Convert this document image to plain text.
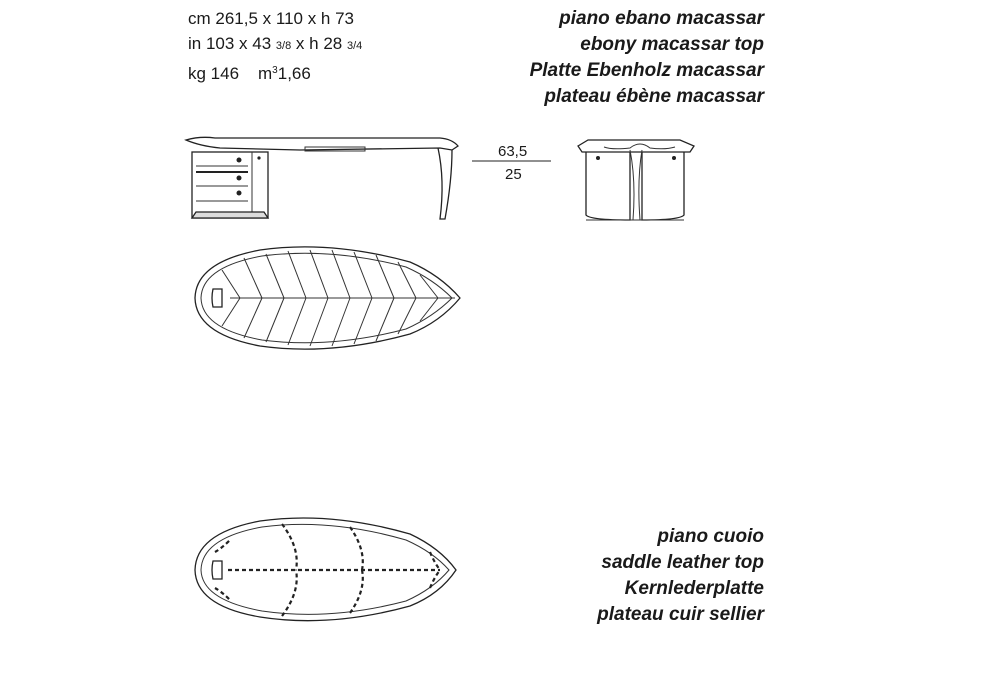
cm 261,5 x 110 x h 73
in 103 x 43 3/8 x h 28 3/4
kg 146 $m^31,66$
piano ebano macassar
ebony macassar top
Platte Ebenholz macassar
plateau ébène macassar
piano cuoio
saddle leather top
Kernlederplatte
plateau cuir sellier
63,5
25
